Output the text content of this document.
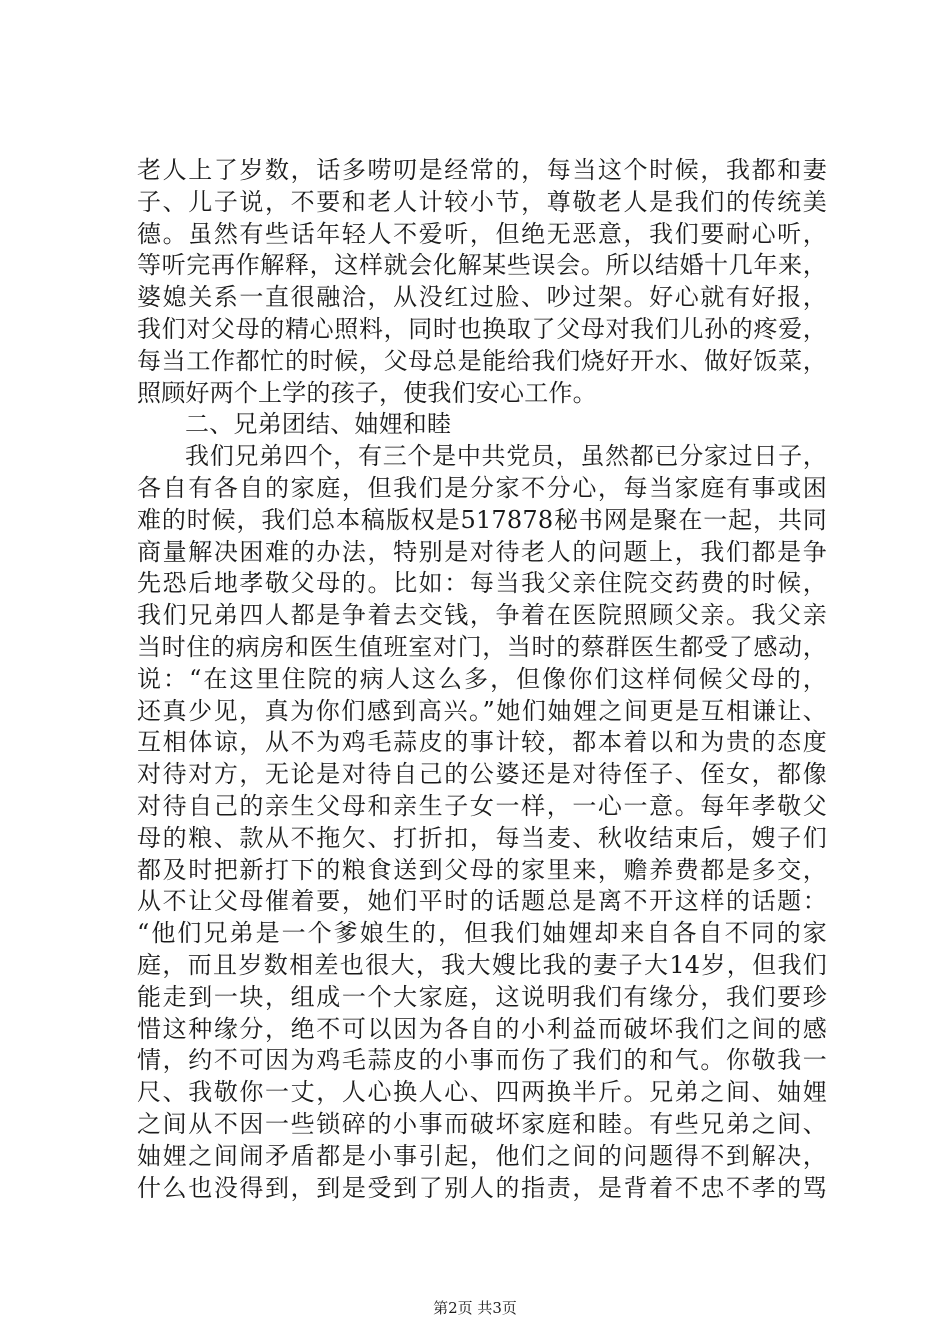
老人上了岁数，话多唠叨是经常的，每当这个时候，我都和妻
子、儿子说，不要和老人计较小节，尊敬老人是我们的传统美
德。虽然有些话年轻人不爱听，但绝无恶意，我们要耐心听，
等听完再作解释，这样就会化解某些误会。所以结婚十几年来，
婆媳关系一直很融洽，从没红过脸、吵过架。好心就有好报，
我们对父母的精心照料，同时也换取了父母对我们儿孙的疼爱，
每当工作都忙的时候，父母总是能给我们烧好开水、做好饭菜，
照顾好两个上学的孩子，使我们安心工作。
二、兄弟团结、妯娌和睦
我们兄弟四个，有三个是中共党员，虽然都已分家过日子，
各自有各自的家庭，但我们是分家不分心，每当家庭有事或困
难的时候，我们总本稿版权是517878秘书网是聚在一起，共同
商量解决困难的办法，特别是对待老人的问题上，我们都是争
先恐后地孝敬父母的。比如：每当我父亲住院交药费的时候，
我们兄弟四人都是争着去交钱，争着在医院照顾父亲。我父亲
当时住的病房和医生值班室对门，当时的蔡群医生都受了感动，
说：“在这里住院的病人这么多，但像你们这样伺候父母的，
还真少见，真为你们感到高兴。”她们妯娌之间更是互相谦让、
互相体谅，从不为鸡毛蒜皮的事计较，都本着以和为贵的态度
对待对方，无论是对待自己的公婆还是对待侄子、侄女，都像
对待自己的亲生父母和亲生子女一样，一心一意。每年孝敬父
母的粮、款从不拖欠、打折扣，每当麦、秋收结束后，嫂子们
都及时把新打下的粮食送到父母的家里来，赡养费都是多交，
从不让父母催着要，她们平时的话题总是离不开这样的话题：
“他们兄弟是一个爹娘生的，但我们妯娌却来自各自不同的家
庭，而且岁数相差也很大，我大嫂比我的妻子大14岁，但我们
能走到一块，组成一个大家庭，这说明我们有缘分，我们要珍
惜这种缘分，绝不可以因为各自的小利益而破坏我们之间的感
情，约不可因为鸡毛蒜皮的小事而伤了我们的和气。你敬我一
尺、我敬你一丈，人心换人心、四两换半斤。兄弟之间、妯娌
之间从不因一些锁碎的小事而破坏家庭和睦。有些兄弟之间、
妯娌之间闹矛盾都是小事引起，他们之间的问题得不到解决，
什么也没得到，到是受到了别人的指责，是背着不忠不孝的骂
第2页 共3页
